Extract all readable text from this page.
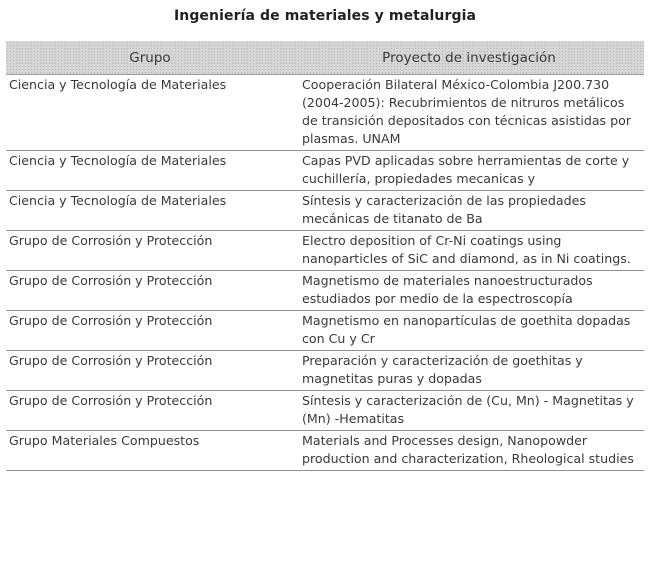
Ingeniería de materiales y metalurgia
Grupo	Proyecto de investigación
Ciencia y Tecnología de Materiales	Cooperación Bilateral México-Colombia J200.730 (2004-2005): Recubrimientos de nitruros metálicos de transición depositados con técnicas asistidas por plasmas. UNAM
Ciencia y Tecnología de Materiales	Capas PVD aplicadas sobre herramientas de corte y cuchillería, propiedades mecanicas y
Ciencia y Tecnología de Materiales	Síntesis y caracterización de las propiedades mecánicas de titanato de Ba
Grupo de Corrosión y Protección	Electro deposition of Cr-Ni coatings using nanoparticles of SiC and diamond, as in Ni coatings.
Grupo de Corrosión y Protección	Magnetismo de materiales nanoestructurados estudiados por medio de la espectroscopía
Grupo de Corrosión y Protección	Magnetismo en nanopartículas de goethita dopadas con Cu y Cr
Grupo de Corrosión y Protección	Preparación y caracterización de goethitas y magnetitas puras y dopadas
Grupo de Corrosión y Protección	Síntesis y caracterización de (Cu, Mn) - Magnetitas y (Mn) -Hematitas
Grupo Materiales Compuestos	Materials and Processes design, Nanopowder production and characterization, Rheological studies
